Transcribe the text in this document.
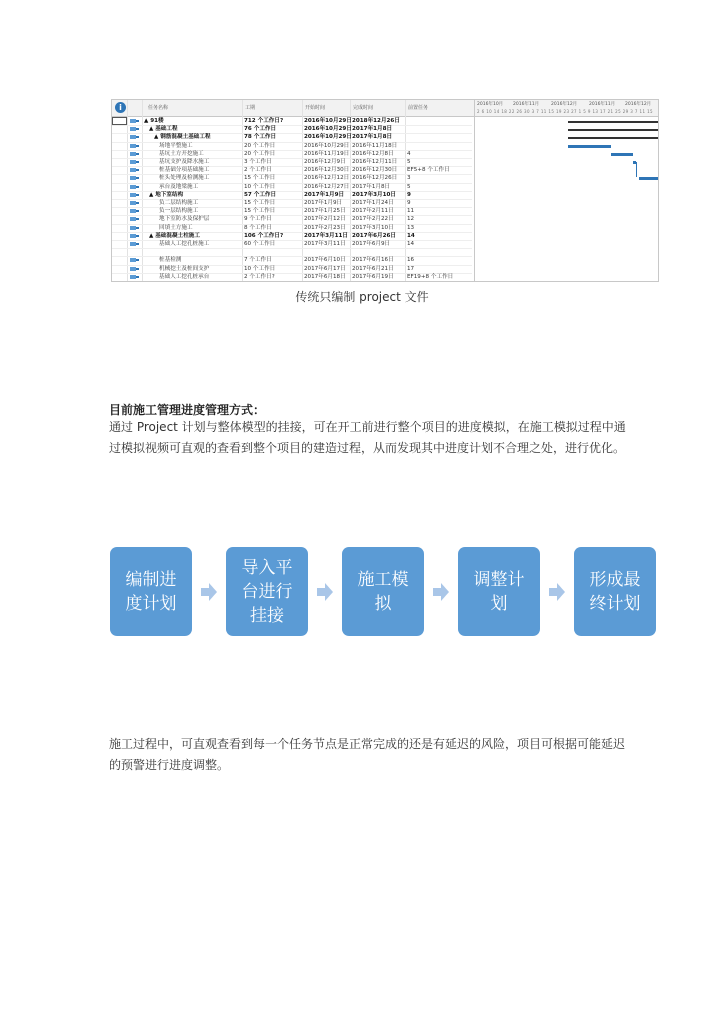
i	任务名称	工期	开始时间	完成时间	前置任务
▲ 91楼	712 个工作日?	2016年10月29日 2018年12月26日
▲ 基础工程	76 个工作日	2016年10月29日 2017年1月8日
▲ 钢筋混凝土基础工程	78 个工作日	2016年10月29日 2017年1月8日
场地平整施工	20 个工作日	2016年10月29日 2016年11月18日
基坑土方开挖施工	20 个工作日	2016年11月19日 2016年12月8日 4
基坑支护及降水施工	3 个工作日	2016年12月9日 2016年12月11日 5
桩基础分项基础施工	2 个工作日	2016年12月30日 2016年12月30日 EF5+8 个工作日
桩头处理及检测施工	15 个工作日	2016年12月12日 2016年12月26日 3
承台及地梁施工	10 个工作日	2016年12月27日 2017年1月8日	5
▲ 地下室结构	57 个工作日	2017年1月9日 2017年3月10日 9
负二层结构施工	15 个工作日	2017年1月9日 2017年1月24日 9
负一层结构施工	15 个工作日	2017年1月25日 2017年2月11日 11
地下室防水及保护层	9 个工作日	2017年2月12日 2017年2月22日 12
回填土方施工	8 个工作日	2017年2月23日 2017年3月10日 13
▲ 基础混凝土柱施工	106 个工作日?	2017年3月11日 2017年6月26日 14
基础人工挖孔桩施工	60 个工作日	2017年3月11日 2017年6月9日	14
桩基检测	7 个工作日	2017年6月10日 2017年6月16日 16
机械挖土及桩间支护	10 个工作日	2017年6月17日 2017年6月21日 17
基础人工挖孔桩承台	2 个工作日?	2017年6月18日 2017年6月19日 EF19+8 个工作日
2016年10月 2016年11月	2016年12月	2016年11月 2016年12月
2 6 10 14 18 22 26 30 3 7 11 15 19 23 27 1 5 9 13 17 21 25 29 3 7 11 15
传统只编制 project 文件
目前施工管理进度管理方式：

通过 Project 计划与整体模型的挂接，可在开工前进行整个项目的进度模拟，在施工模拟过程中通过模拟视频可直观的查看到整个项目的建造过程，从而发现其中进度计划不合理之处，进行优化。

编制进度计划
导入平台进行挂接
施工模拟
调整计划
形成最终计划

施工过程中，可直观查看到每一个任务节点是正常完成的还是有延迟的风险，项目可根据可能延迟的预警进行进度调整。
